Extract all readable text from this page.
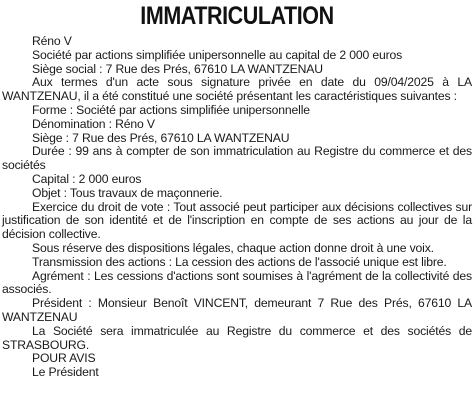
IMMATRICULATION

Réno V

Société par actions simplifiée unipersonnelle au capital de 2 000 euros

Siège social : 7 Rue des Prés, 67610 LA WANTZENAU

Aux termes d'un acte sous signature privée en date du 09/04/2025 à LA WANTZENAU, il a été constitué une société présentant les caractéristiques suivantes :

Forme : Société par actions simplifiée unipersonnelle

Dénomination : Réno V

Siège : 7 Rue des Prés, 67610 LA WANTZENAU

Durée : 99 ans à compter de son immatriculation au Registre du commerce et des sociétés

Capital : 2 000 euros

Objet : Tous travaux de maçonnerie.

Exercice du droit de vote : Tout associé peut participer aux décisions collectives sur justification de son identité et de l'inscription en compte de ses actions au jour de la décision collective.

Sous réserve des dispositions légales, chaque action donne droit à une voix.

Transmission des actions : La cession des actions de l'associé unique est libre.

Agrément : Les cessions d'actions sont soumises à l'agrément de la collectivité des associés.

Président : Monsieur Benoît VINCENT, demeurant 7 Rue des Prés, 67610 LA WANTZENAU

La Société sera immatriculée au Registre du commerce et des sociétés de STRASBOURG.

POUR AVIS

Le Président
